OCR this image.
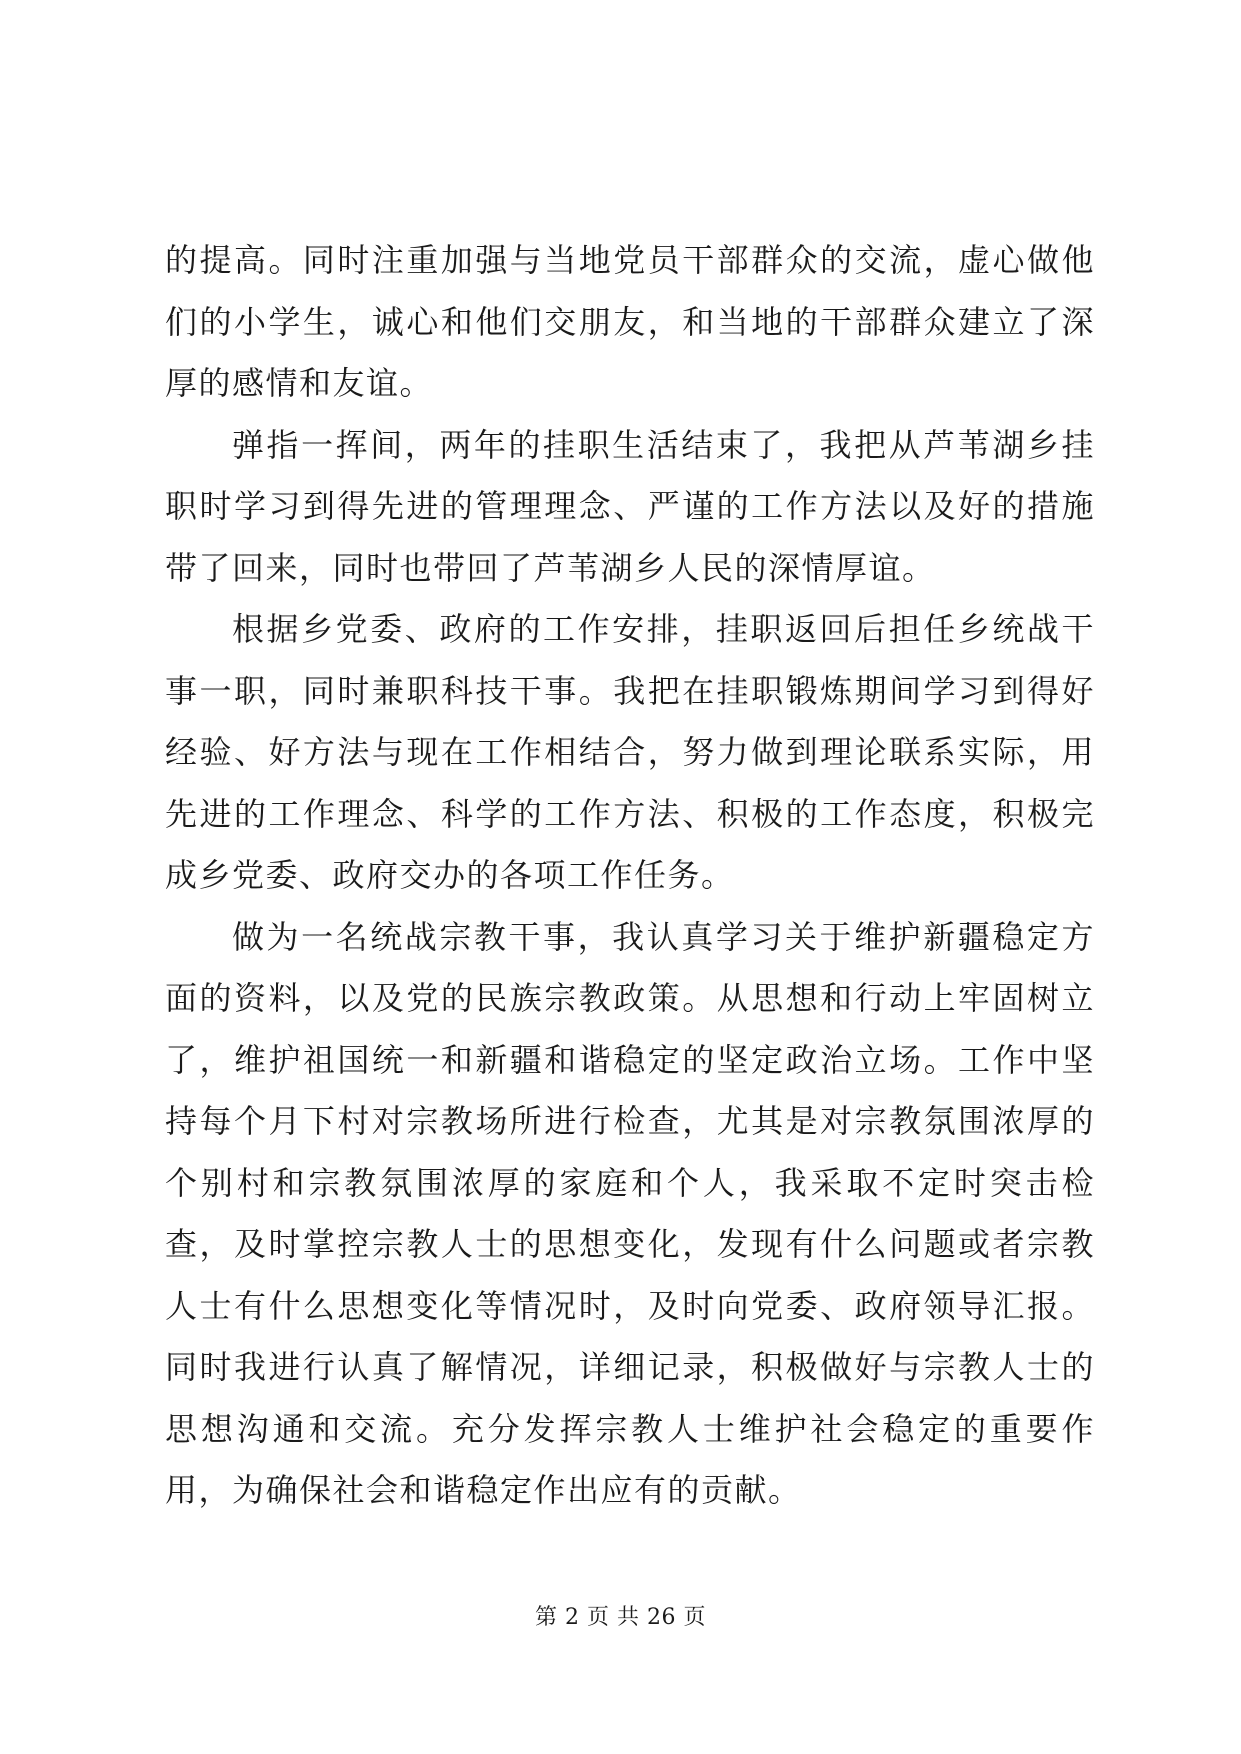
的提高。同时注重加强与当地党员干部群众的交流，虚心做他们的小学生，诚心和他们交朋友，和当地的干部群众建立了深厚的感情和友谊。

弹指一挥间，两年的挂职生活结束了，我把从芦苇湖乡挂职时学习到得先进的管理理念、严谨的工作方法以及好的措施带了回来，同时也带回了芦苇湖乡人民的深情厚谊。

根据乡党委、政府的工作安排，挂职返回后担任乡统战干事一职，同时兼职科技干事。我把在挂职锻炼期间学习到得好经验、好方法与现在工作相结合，努力做到理论联系实际，用先进的工作理念、科学的工作方法、积极的工作态度，积极完成乡党委、政府交办的各项工作任务。

做为一名统战宗教干事，我认真学习关于维护新疆稳定方面的资料，以及党的民族宗教政策。从思想和行动上牢固树立了，维护祖国统一和新疆和谐稳定的坚定政治立场。工作中坚持每个月下村对宗教场所进行检查，尤其是对宗教氛围浓厚的个别村和宗教氛围浓厚的家庭和个人，我采取不定时突击检查，及时掌控宗教人士的思想变化，发现有什么问题或者宗教人士有什么思想变化等情况时，及时向党委、政府领导汇报。同时我进行认真了解情况，详细记录，积极做好与宗教人士的思想沟通和交流。充分发挥宗教人士维护社会稳定的重要作用，为确保社会和谐稳定作出应有的贡献。

第 2 页 共 26 页
